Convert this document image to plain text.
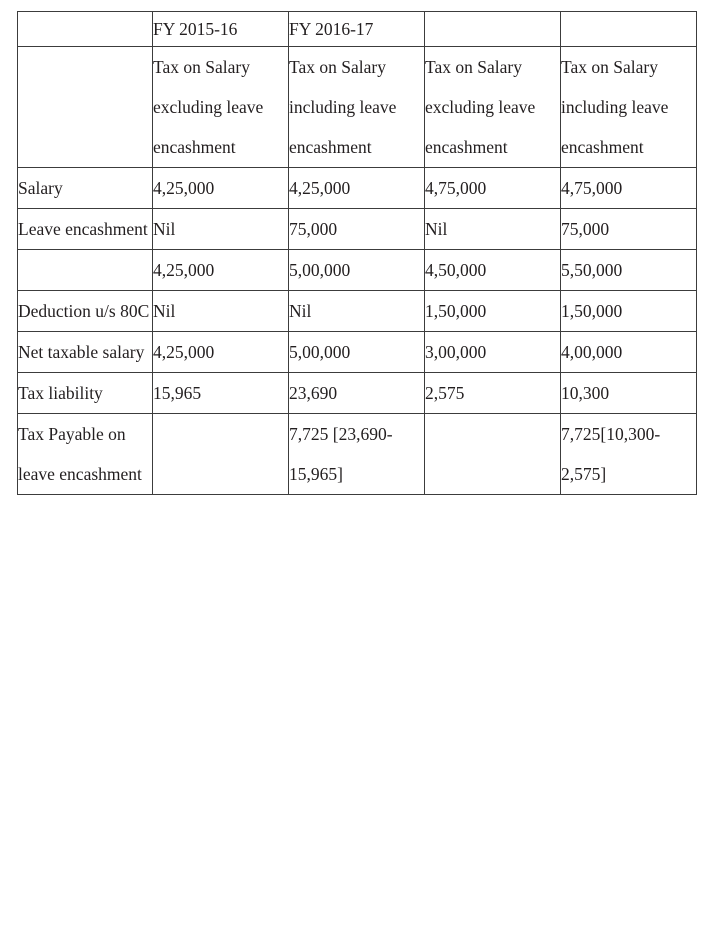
	FY 2015-16	FY 2016-17		
	Tax on Salary excluding leave encashment	Tax on Salary including leave encashment	Tax on Salary excluding leave encashment	Tax on Salary including leave encashment
Salary	4,25,000	4,25,000	4,75,000	4,75,000
Leave encashment	Nil	75,000	Nil	75,000
	4,25,000	5,00,000	4,50,000	5,50,000
Deduction u/s 80C	Nil	Nil	1,50,000	1,50,000
Net taxable salary	4,25,000	5,00,000	3,00,000	4,00,000
Tax liability	15,965	23,690	2,575	10,300
Tax Payable on leave encashment		7,725 [23,690-15,965]		7,725[10,300-2,575]
